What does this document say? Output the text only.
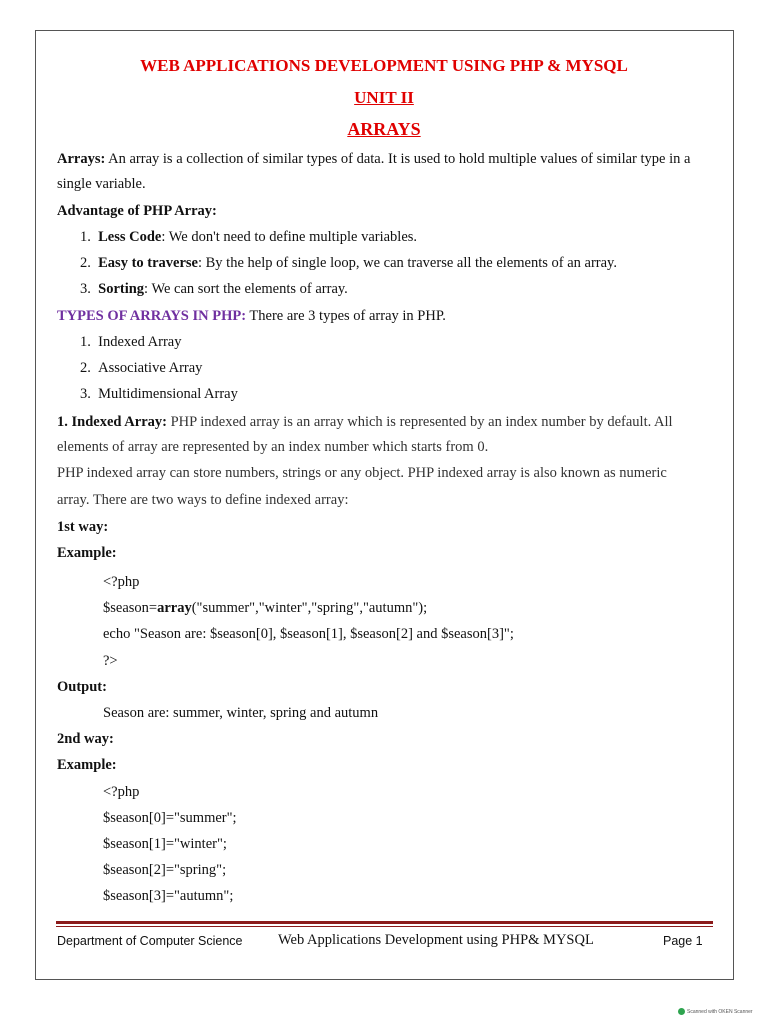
WEB APPLICATIONS DEVELOPMENT USING PHP & MYSQL
UNIT II
ARRAYS
Arrays: An array is a collection of similar types of data. It is used to hold multiple values of similar type in a
single variable.
Advantage of PHP Array:
1. Less Code: We don't need to define multiple variables.
2. Easy to traverse: By the help of single loop, we can traverse all the elements of an array.
3. Sorting: We can sort the elements of array.
TYPES OF ARRAYS IN PHP: There are 3 types of array in PHP.
1. Indexed Array
2. Associative Array
3. Multidimensional Array
1. Indexed Array: PHP indexed array is an array which is represented by an index number by default. All
elements of array are represented by an index number which starts from 0.
PHP indexed array can store numbers, strings or any object. PHP indexed array is also known as numeric
array. There are two ways to define indexed array:
1st way:
Example:
<?php
$season=array("summer","winter","spring","autumn");
echo "Season are: $season[0], $season[1], $season[2] and $season[3]";
?>
Output:
Season are: summer, winter, spring and autumn
2nd way:
Example:
<?php
$season[0]="summer";
$season[1]="winter";
$season[2]="spring";
$season[3]="autumn";
Department of Computer Science Web Applications Development using PHP& MYSQL	Page 1
Scanned with OKEN Scanner
